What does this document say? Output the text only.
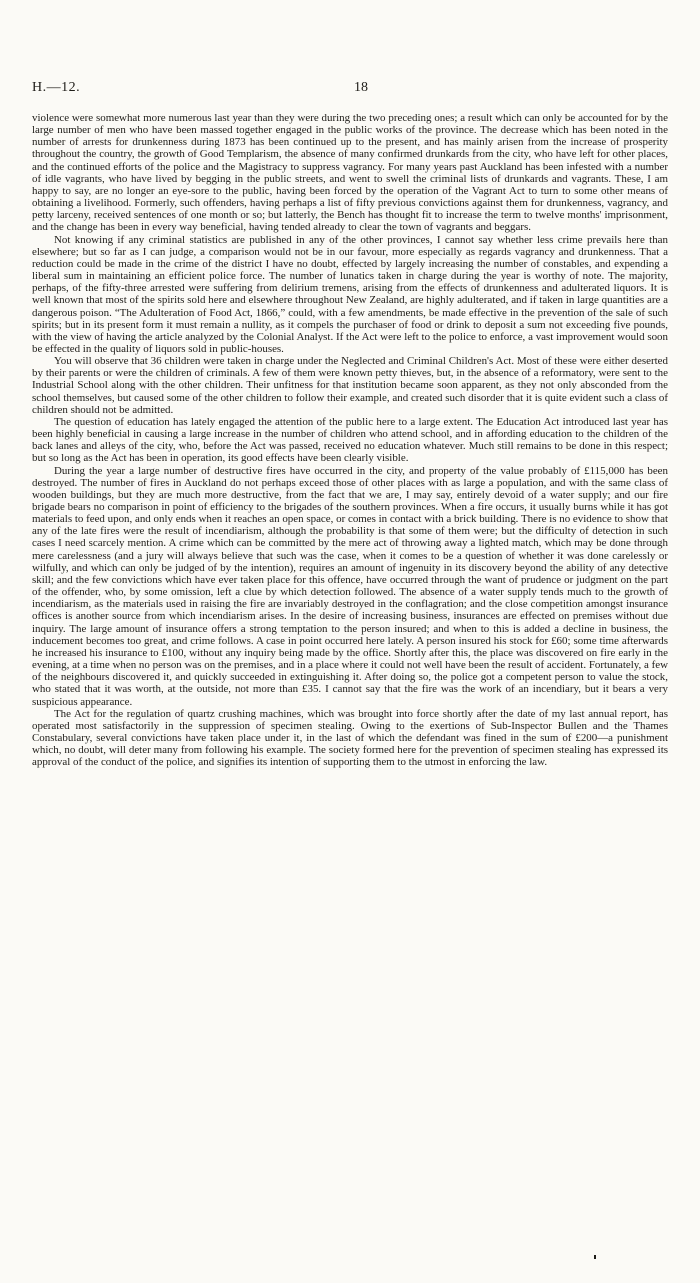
H.—12.	18

violence were somewhat more numerous last year than they were during the two preceding ones; a result which can only be accounted for by the large number of men who have been massed together engaged in the public works of the province. The decrease which has been noted in the number of arrests for drunkenness during 1873 has been continued up to the present, and has mainly arisen from the increase of prosperity throughout the country, the growth of Good Templarism, the absence of many confirmed drunkards from the city, who have left for other places, and the continued efforts of the police and the Magistracy to suppress vagrancy. For many years past Auckland has been infested with a number of idle vagrants, who have lived by begging in the public streets, and went to swell the criminal lists of drunkards and vagrants. These, I am happy to say, are no longer an eye-sore to the public, having been forced by the operation of the Vagrant Act to turn to some other means of obtaining a livelihood. Formerly, such offenders, having perhaps a list of fifty previous convictions against them for drunkenness, vagrancy, and petty larceny, received sentences of one month or so; but latterly, the Bench has thought fit to increase the term to twelve months' imprisonment, and the change has been in every way beneficial, having tended already to clear the town of vagrants and beggars.

Not knowing if any criminal statistics are published in any of the other provinces, I cannot say whether less crime prevails here than elsewhere; but so far as I can judge, a comparison would not be in our favour, more especially as regards vagrancy and drunkenness. That a reduction could be made in the crime of the district I have no doubt, effected by largely increasing the number of constables, and expending a liberal sum in maintaining an efficient police force. The number of lunatics taken in charge during the year is worthy of note. The majority, perhaps, of the fifty-three arrested were suffering from delirium tremens, arising from the effects of drunkenness and adulterated liquors. It is well known that most of the spirits sold here and elsewhere throughout New Zealand, are highly adulterated, and if taken in large quantities are a dangerous poison. “The Adulteration of Food Act, 1866,” could, with a few amendments, be made effective in the prevention of the sale of such spirits; but in its present form it must remain a nullity, as it compels the purchaser of food or drink to deposit a sum not exceeding five pounds, with the view of having the article analyzed by the Colonial Analyst. If the Act were left to the police to enforce, a vast improvement would soon be effected in the quality of liquors sold in public-houses.

You will observe that 36 children were taken in charge under the Neglected and Criminal Children's Act. Most of these were either deserted by their parents or were the children of criminals. A few of them were known petty thieves, but, in the absence of a reformatory, were sent to the Industrial School along with the other children. Their unfitness for that institution became soon apparent, as they not only absconded from the school themselves, but caused some of the other children to follow their example, and created such disorder that it is quite evident such a class of children should not be admitted.

The question of education has lately engaged the attention of the public here to a large extent. The Education Act introduced last year has been highly beneficial in causing a large increase in the number of children who attend school, and in affording education to the children of the back lanes and alleys of the city, who, before the Act was passed, received no education whatever. Much still remains to be done in this respect; but so long as the Act has been in operation, its good effects have been clearly visible.

During the year a large number of destructive fires have occurred in the city, and property of the value probably of £115,000 has been destroyed. The number of fires in Auckland do not perhaps exceed those of other places with as large a population, and with the same class of wooden buildings, but they are much more destructive, from the fact that we are, I may say, entirely devoid of a water supply; and our fire brigade bears no comparison in point of efficiency to the brigades of the southern provinces. When a fire occurs, it usually burns while it has got materials to feed upon, and only ends when it reaches an open space, or comes in contact with a brick building. There is no evidence to show that any of the late fires were the result of incendiarism, although the probability is that some of them were; but the difficulty of detection in such cases I need scarcely mention. A crime which can be committed by the mere act of throwing away a lighted match, which may be done through mere carelessness (and a jury will always believe that such was the case, when it comes to be a question of whether it was done carelessly or wilfully, and which can only be judged of by the intention), requires an amount of ingenuity in its discovery beyond the ability of any detective skill; and the few convictions which have ever taken place for this offence, have occurred through the want of prudence or judgment on the part of the offender, who, by some omission, left a clue by which detection followed. The absence of a water supply tends much to the growth of incendiarism, as the materials used in raising the fire are invariably destroyed in the conflagration; and the close competition amongst insurance offices is another source from which incendiarism arises. In the desire of increasing business, insurances are effected on premises without due inquiry. The large amount of insurance offers a strong temptation to the person insured; and when to this is added a decline in business, the inducement becomes too great, and crime follows. A case in point occurred here lately. A person insured his stock for £60; some time afterwards he increased his insurance to £100, without any inquiry being made by the office. Shortly after this, the place was discovered on fire early in the evening, at a time when no person was on the premises, and in a place where it could not well have been the result of accident. Fortunately, a few of the neighbours discovered it, and quickly succeeded in extinguishing it. After doing so, the police got a competent person to value the stock, who stated that it was worth, at the outside, not more than £35. I cannot say that the fire was the work of an incendiary, but it bears a very suspicious appearance.

The Act for the regulation of quartz crushing machines, which was brought into force shortly after the date of my last annual report, has operated most satisfactorily in the suppression of specimen stealing. Owing to the exertions of Sub-Inspector Bullen and the Thames Constabulary, several convictions have taken place under it, in the last of which the defendant was fined in the sum of £200—a punishment which, no doubt, will deter many from following his example. The society formed here for the prevention of specimen stealing has expressed its approval of the conduct of the police, and signifies its intention of supporting them to the utmost in enforcing the law.
